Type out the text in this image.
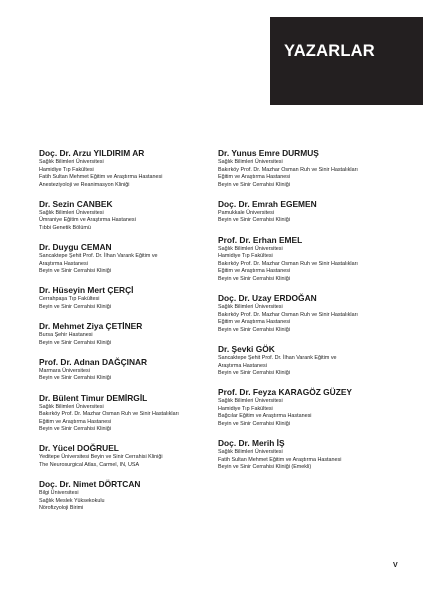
YAZARLAR
Doç. Dr. Arzu YILDIRIM AR
Sağlık Bilimleri Üniversitesi
Hamidiye Tıp Fakültesi
Fatih Sultan Mehmet Eğitim ve Araştırma Hastanesi
Anesteziyoloji ve Reanimasyon Kliniği
Dr. Sezin CANBEK
Sağlık Bilimleri Üniversitesi
Ümraniye Eğitim ve Araştırma Hastanesi
Tıbbi Genetik Bölümü
Dr. Duygu CEMAN
Sancaktepe Şehit Prof. Dr. İlhan Varank Eğitim ve
Araştırma Hastanesi
Beyin ve Sinir Cerrahisi Kliniği
Dr. Hüseyin Mert ÇERÇİ
Cerrahpaşa Tıp Fakültesi
Beyin ve Sinir Cerrahisi Kliniği
Dr. Mehmet Ziya ÇETİNER
Bursa Şehir Hastanesi
Beyin ve Sinir Cerrahisi Kliniği
Prof. Dr. Adnan DAĞÇINAR
Marmara Üniversitesi
Beyin ve Sinir Cerrahisi Kliniği
Dr. Bülent Timur DEMİRGİL
Sağlık Bilimleri Üniversitesi
Bakırköy Prof. Dr. Mazhar Osman Ruh ve Sinir Hastalıkları
Eğitim ve Araştırma Hastanesi
Beyin ve Sinir Cerrahisi Kliniği
Dr. Yücel DOĞRUEL
Yeditepe Üniversitesi Beyin ve Sinir Cerrahisi Kliniği
The Neurosurgical Atlas, Carmel, IN, USA
Doç. Dr. Nimet DÖRTCAN
Bilgi Üniversitesi
Sağlık Meslek Yüksekokulu
Nörofizyoloji Birimi
Dr. Yunus Emre DURMUŞ
Sağlık Bilimleri Üniversitesi
Bakırköy Prof. Dr. Mazhar Osman Ruh ve Sinir Hastalıkları
Eğitim ve Araştırma Hastanesi
Beyin ve Sinir Cerrahisi Kliniği
Doç. Dr. Emrah EGEMEN
Pamukkale Üniversitesi
Beyin ve Sinir Cerrahisi Kliniği
Prof. Dr. Erhan EMEL
Sağlık Bilimleri Üniversitesi
Hamidiye Tıp Fakültesi
Bakırköy Prof. Dr. Mazhar Osman Ruh ve Sinir Hastalıkları
Eğitim ve Araştırma Hastanesi
Beyin ve Sinir Cerrahisi Kliniği
Doç. Dr. Uzay ERDOĞAN
Sağlık Bilimleri Üniversitesi
Bakırköy Prof. Dr. Mazhar Osman Ruh ve Sinir Hastalıkları
Eğitim ve Araştırma Hastanesi
Beyin ve Sinir Cerrahisi Kliniği
Dr. Şevki GÖK
Sancaktepe Şehit Prof. Dr. İlhan Varank Eğitim ve
Araştırma Hastanesi
Beyin ve Sinir Cerrahisi Kliniği
Prof. Dr. Feyza KARAGÖZ GÜZEY
Sağlık Bilimleri Üniversitesi
Hamidiye Tıp Fakültesi
Bağcılar Eğitim ve Araştırma Hastanesi
Beyin ve Sinir Cerrahisi Kliniği
Doç. Dr. Merih İŞ
Sağlık Bilimleri Üniversitesi
Fatih Sultan Mehmet Eğitim ve Araştırma Hastanesi
Beyin ve Sinir Cerrahisi Kliniği (Emekli)
V
